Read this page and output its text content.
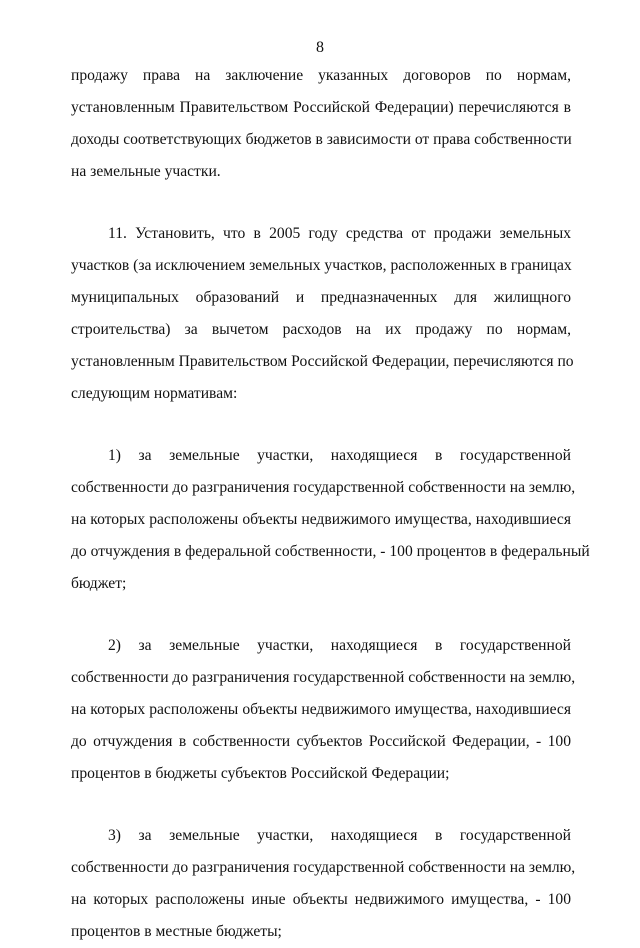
8
продажу права на заключение указанных договоров по нормам,
установленным Правительством Российской Федерации) перечисляются в
доходы соответствующих бюджетов в зависимости от права собственности
на земельные участки.
11. Установить, что в 2005 году средства от продажи земельных
участков (за исключением земельных участков, расположенных в границах
муниципальных образований и предназначенных для жилищного
строительства) за вычетом расходов на их продажу по нормам,
установленным Правительством Российской Федерации, перечисляются по
следующим нормативам:
1) за земельные участки, находящиеся в государственной
собственности до разграничения государственной собственности на землю,
на которых расположены объекты недвижимого имущества, находившиеся
до отчуждения в федеральной собственности, - 100 процентов в федеральный
бюджет;
2) за земельные участки, находящиеся в государственной
собственности до разграничения государственной собственности на землю,
на которых расположены объекты недвижимого имущества, находившиеся
до отчуждения в собственности субъектов Российской Федерации, - 100
процентов в бюджеты субъектов Российской Федерации;
3) за земельные участки, находящиеся в государственной
собственности до разграничения государственной собственности на землю,
на которых расположены иные объекты недвижимого имущества, - 100
процентов в местные бюджеты;
